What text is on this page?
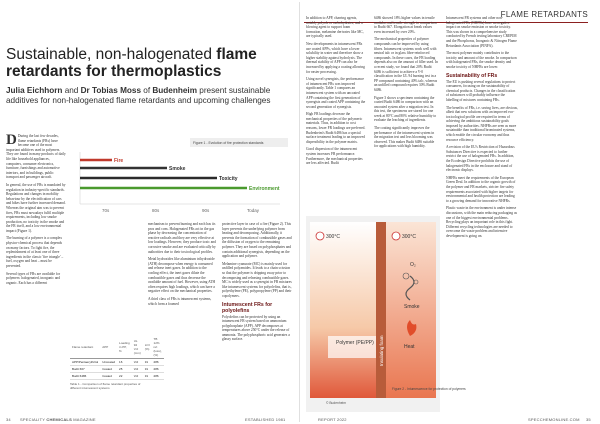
FLAME RETARDANTS
Sustainable, non-halogenated flame retardants for thermoplastics
Julia Eichhorn and Dr Tobias Moss of Budenheim present sustainable additives for non-halogenated flame retardants and upcoming challenges

D During the last few decades, flame retardants (FRs) have become one of the most important additives used in polymers. They are found in many products of daily life like household appliances, computers, consumer electronics, furniture, furnishings and automotive interiors, and in buildings, public transport and passenger aircraft.

In general, the use of FRs is mandated by regulation in industry-specific standards. Regulations and changes in mobility behaviour by the electrification of cars and bikes have further increased demand. Whereas the original aim was to prevent fires, FRs must nowadays fulfil multiple requirements, including low smoke production, no toxicity in the smoke and the FR itself, and a low environmental impact (Figure 1).

The burning of a polymer is a complex physico-chemical process that depends on many factors. To fight fire, the replenishment of at least one of three ingredients in the classic 'fire triangle' – fuel, oxygen and heat – must be prevented.

Several types of FRs are available for polymers: halogenated, inorganic and organic. Each has a different

Figure 1 - Evolution of fire protection standards
Fire
Smoke
Toxicity
Environment
70s	80s	90s	Today

mechanism to prevent burning and each has its pros and cons. Halogenated FRs act in the gas phase by decreasing the concentration of reactive radicals and they are very effective at low loadings. However, they produce toxic and corrosive smoke and are evaluated critically by authorities due to their toxicological profiles.

Metal hydroxides like aluminium trihydroxide (ATH) decompose when energy is consumed and release inert gases. In addition to the cooling effect, the inert gases dilute the combustible gases and thus decrease the available amount of fuel. However, using ATH often requires high loadings, which can have a negative effect on the mechanical properties.

A third class of FRs is intumescent systems, which form a foamed

protective layer in case of a fire (Figure 2). This layer prevents the underlying polymer from heating and decomposing. Additionally, it prevents the formation of combustible gases and the diffusion of oxygen to the remaining polymer. They are based on polyphosphates and contain additional synergists, depending on the application and polymer.

Melamine cyanurate (MC) is mainly used for unfilled polyamides. It leads to a chain scission so that the polymer is dripping away prior to decomposing and releasing combustible gases. MC is widely used as a synergist in FR mixtures like intumescent systems for polyolefins, that is, polyethylene (PE), polypropylene (PP) and their copolymers.

Intumescent FRs for polyolefins

Polyolefins can be protected by using an intumescent FR system based on ammonium polyphosphate (APP). APP decomposes at temperatures above 250°C under the release of ammonia. The polyphosphoric acid generates a glassy surface.

Flame retardant	APP	Loading in PP, %	UL 94 V-0 (mm)	LOI (%)	TB 12% ref. (loss), (%)
APP/Pentaerythritol	Uncoated	16	V-0	31	286
Budit 667	Coated	25	V-0	31	286
Budit 6486	Coated	22	V-0	31	286
Table 1 - Comparison of flame retardant properties of different intumescent systems

In addition to APP, charring agents, notably polyols or carbohydrates, and a blowing agent to support foam formation, melamine derivates like MC, are typically used.

New developments in intumescent FRs use coated APPs, which have a lower solubility in water and therefore show a higher stability against hydrolysis. The thermal stability of APP can also be increased by applying a coating allowing for easier processing.

Using novel synergists, the performance of intumescent FRs was improved significantly. Table 1 compares an intumescent system with an uncoated APP containing the first generation of synergists and coated APP containing the second generation of synergists.

High FR loadings decrease the mechanical properties of the polymeric materials. Thus, in addition to cost reasons, lower FR loadings are preferred. Budenheim's Budit 6486 has a special surface treatment leading to an improved dispersibility in the polymer matrix.

Good dispersion of the intumescent system increases FR performance. Furthermore, the mechanical properties are less affected. Budit

6486 showed 18% higher values in tensile modulus and tensile strength in comparison to Budit 667. Elongation at break values even increased by over 20%.

The mechanical properties of polymer compounds can be improved by using fibres. Intumescent systems work well with neutral talc or in glass fibre-reinforced compounds. In these cases, the FR loading depends also on the amount of filler used. In a recent study, we found that 20% Budit 6486 is sufficient to achieve a V-0 classification in the UL 94 burning test in a PP compound containing 40% talc, whereas an unfilled compound requires 30% Budit 6486.

Figure 3 shows a specimen containing the coated Budit 6486 in comparison with an uncoated system after a migration test. In this test, the specimens are stored for one week at 80°C and 80% relative humidity to evaluate the leaching of ingredients.

The coating significantly improves the performance of the intumescent system in the migration test and less blooming was observed. This makes Budit 6486 suitable for applications with high humidity.

Intumescent FR systems and other non-halogenated FRs (NHFRs) have no negative impact on smoke emission or smoke toxicity. This was shown in a comprehensive study conducted by French testing laboratory CREPIM and the Phosphorus, Inorganic & Nitrogen Flame Retardants Association (PINFA).

The most polymer mainly contributes to the toxicity and amount of the smoke. In comparison with halogenated FRs, the smoke density and smoke toxicity of NHFRs are lower.

Sustainability of FRs

The EU is pushing several regulations to protect consumers, focusing on the sustainability of chemical products. Changes in the classification of substances will probably influence the labelling of mixtures containing FRs.

The benefits of FRs, i.e. saving lives, are obvious, albeit that new solutions with an improved eco-toxicological profile are required in terms of achieving the ambitious sustainability goals imposed by authorities. NHFRs are seen as more sustainable than traditional brominated systems, which enable the circular economy and thus resource efficiency.

A revision of the EU's Restriction of Hazardous Substances Directive is expected to further restrict the use of halogenated FRs. In addition, the Ecodesign Directive prohibits the use of halogenated FRs in the enclosure and stand of electronic displays.

NHFRs meet the requirements of the European Green Deal. In addition to the organic growth of the polymer and FR markets, stricter fire safety requirements associated with higher targets for environmental and health protection are leading to a growing demand for innovative NHFRs.

Plastic waste in the environment is under intense discussions, with the main reducing packaging as one of the biggest environmental problems. Recycling plays an important role in this fight. Different recycling technologies are needed to overcome the waste problem and intensive development is going on.

300°C
Polymer (PE/PP) Insulating foam
300°C
O₂
Smoke
Heat
Figure 2 - Intumescence for protection of polymers
© Budenheim
34 SPECIALITY CHEMICALS MAGAZINE	ESTABLISHED 1981	REPORT 2022	SPECCHEMONLINE.COM 35
